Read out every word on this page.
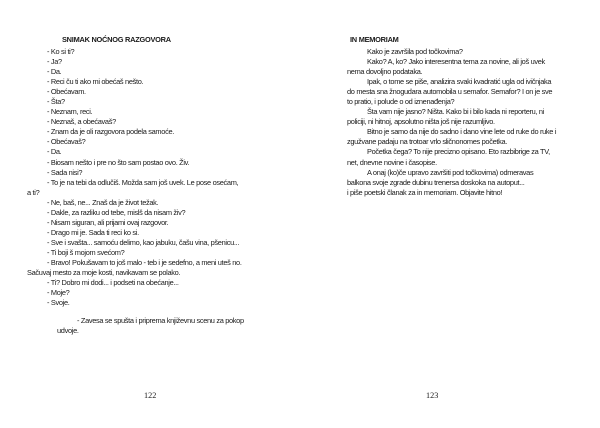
SNIMAK NOĆNOG RAZGOVORA
- Ko si ti?
- Ja?
- Da.
- Reci ču ti ako mi obećaš nešto.
- Obećavam.
- Šta?
- Neznam, reci.
- Neznaš, a obećavaš?
- Znam da je oli razgovora podela samoće.
- Obećavaš?
- Da.
- Biosam nešto i pre no što sam postao ovo. Živ.
- Sada nisi?
- To je na tebi da odlučiš. Možda sam još uvek. Le pose osećam,
a ti?
- Ne, baš, ne... Znaš da je život težak.
- Dakle, za razliku od tebe, mislš da nisam živ?
- Nisam siguran, ali prijami ovaj razgovor.
- Drago mi je. Sada ti reci ko si.
- Sve i svašta... samoću delimo, kao jabuku, čašu vina, pšenicu...
- Ti boji š mojom svećom?
- Bravo! Pokušavam to još malo - teb i je sedefno, a meni uteš no.
Sačuvaj mesto za moje kosti, navikavam se polako.
- Ti? Dobro mi dodi... i podseti na obećanje...
- Moje?
- Svoje.
- Zavesa se spušta i priprema književnu scenu za pokop
udvoje.
122
IN MEMORIAM
Kako je završila pod točkovima?
Kako? A, ko? Jako interesentna tema za novine, ali još uvek
nema dovoljno podataka.
Ipak, o tome se piše, analizira svaki kvadratić ugla od ivičnjaka
do mesta sna žnogudara automobila u semafor. Semafor? I on je sve
to pratio, i polude o od iznenađenja?
Šta vam nije jasno? Ništa. Kako bi i bilo kada ni reporteru, ni
policiji, ni hitnoj, apsolutno ništa još nije razumljivo.
Bitno je samo da nije do sadno i dano vine lete od ruke do ruke i
zgužvane padaju na trotoar vrlo sličnonomes početka.
Početka čega? To nije precizno opisano. Eto razbibrige za TV,
net, dnevne novine i časopise.
A onaj (ko)če upravo završiti pod točkovima) odmeravas
balkona svoje zgrade dubinu trenersa doskoka na autoput...
i piše poetski članak za in memoriam. Objavite hitno!
123
